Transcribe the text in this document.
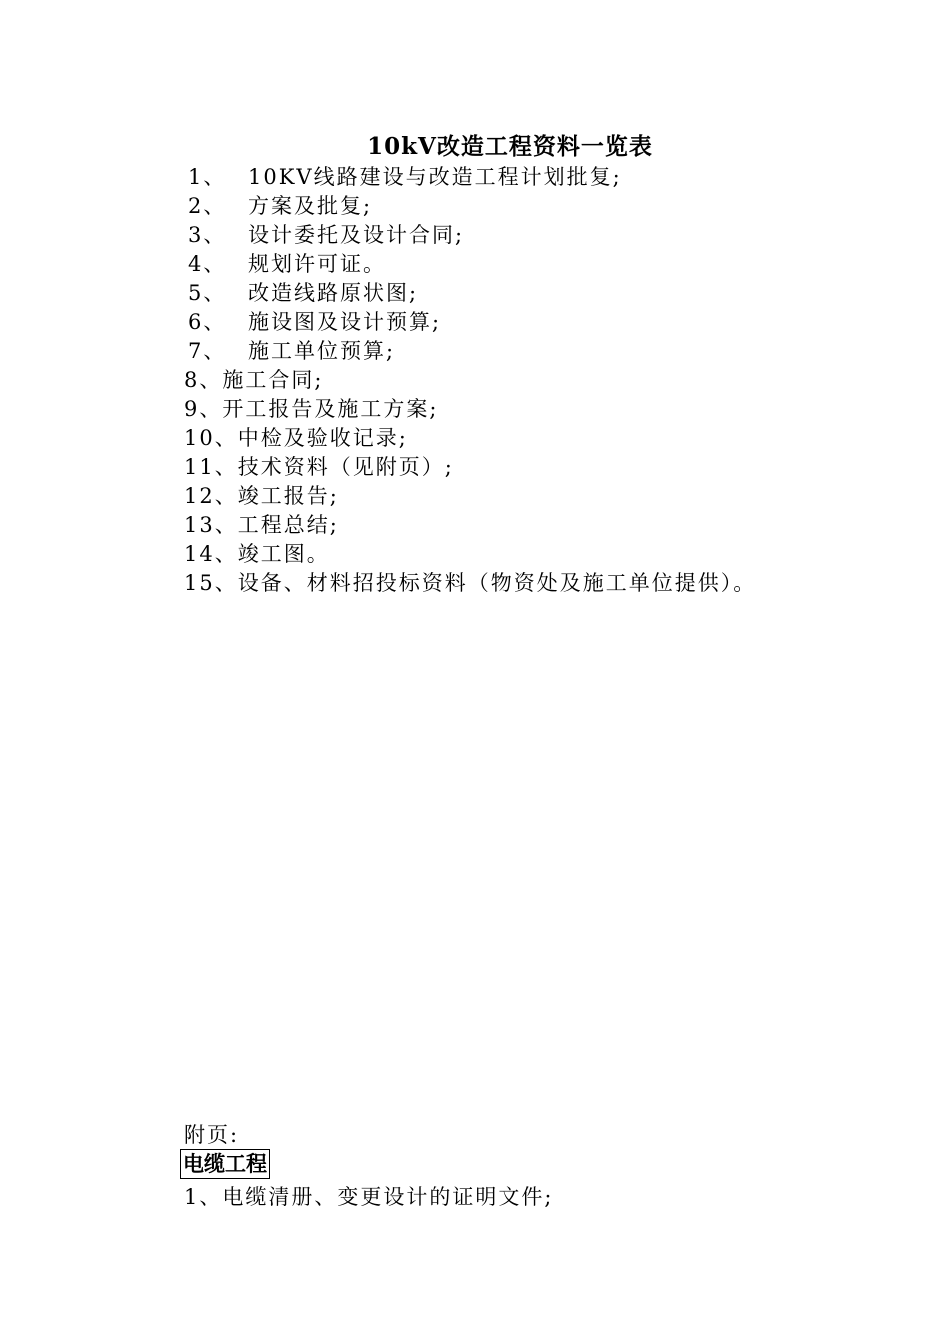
10kV改造工程资料一览表
1、 10KV线路建设与改造工程计划批复;
2、 方案及批复;
3、 设计委托及设计合同;
4、 规划许可证。
5、 改造线路原状图;
6、 施设图及设计预算;
7、 施工单位预算;
8、施工合同;
9、开工报告及施工方案;
10、中检及验收记录;
11、技术资料（见附页）;
12、竣工报告;
13、工程总结;
14、竣工图。
15、设备、材料招投标资料（物资处及施工单位提供）。
附页:
电缆工程
1、电缆清册、变更设计的证明文件;
